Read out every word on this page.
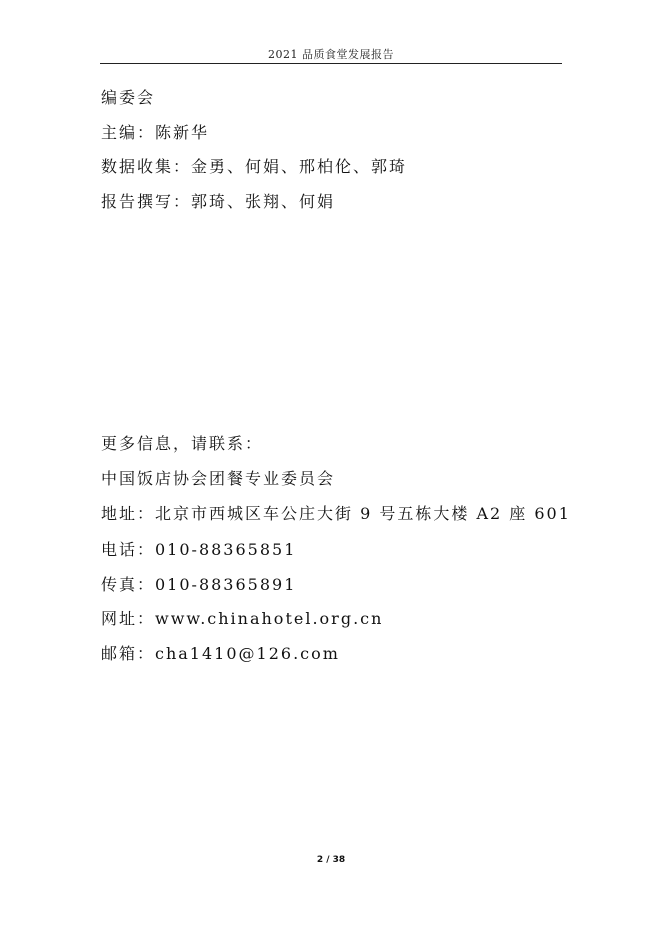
2021 品质食堂发展报告
编委会
主编：陈新华
数据收集：金勇、何娟、邢柏伦、郭琦
报告撰写：郭琦、张翔、何娟
更多信息，请联系：
中国饭店协会团餐专业委员会
地址：北京市西城区车公庄大街 9 号五栋大楼 A2 座 601
电话：010-88365851
传真：010-88365891
网址：www.chinahotel.org.cn
邮箱：cha1410@126.com
2 / 38
